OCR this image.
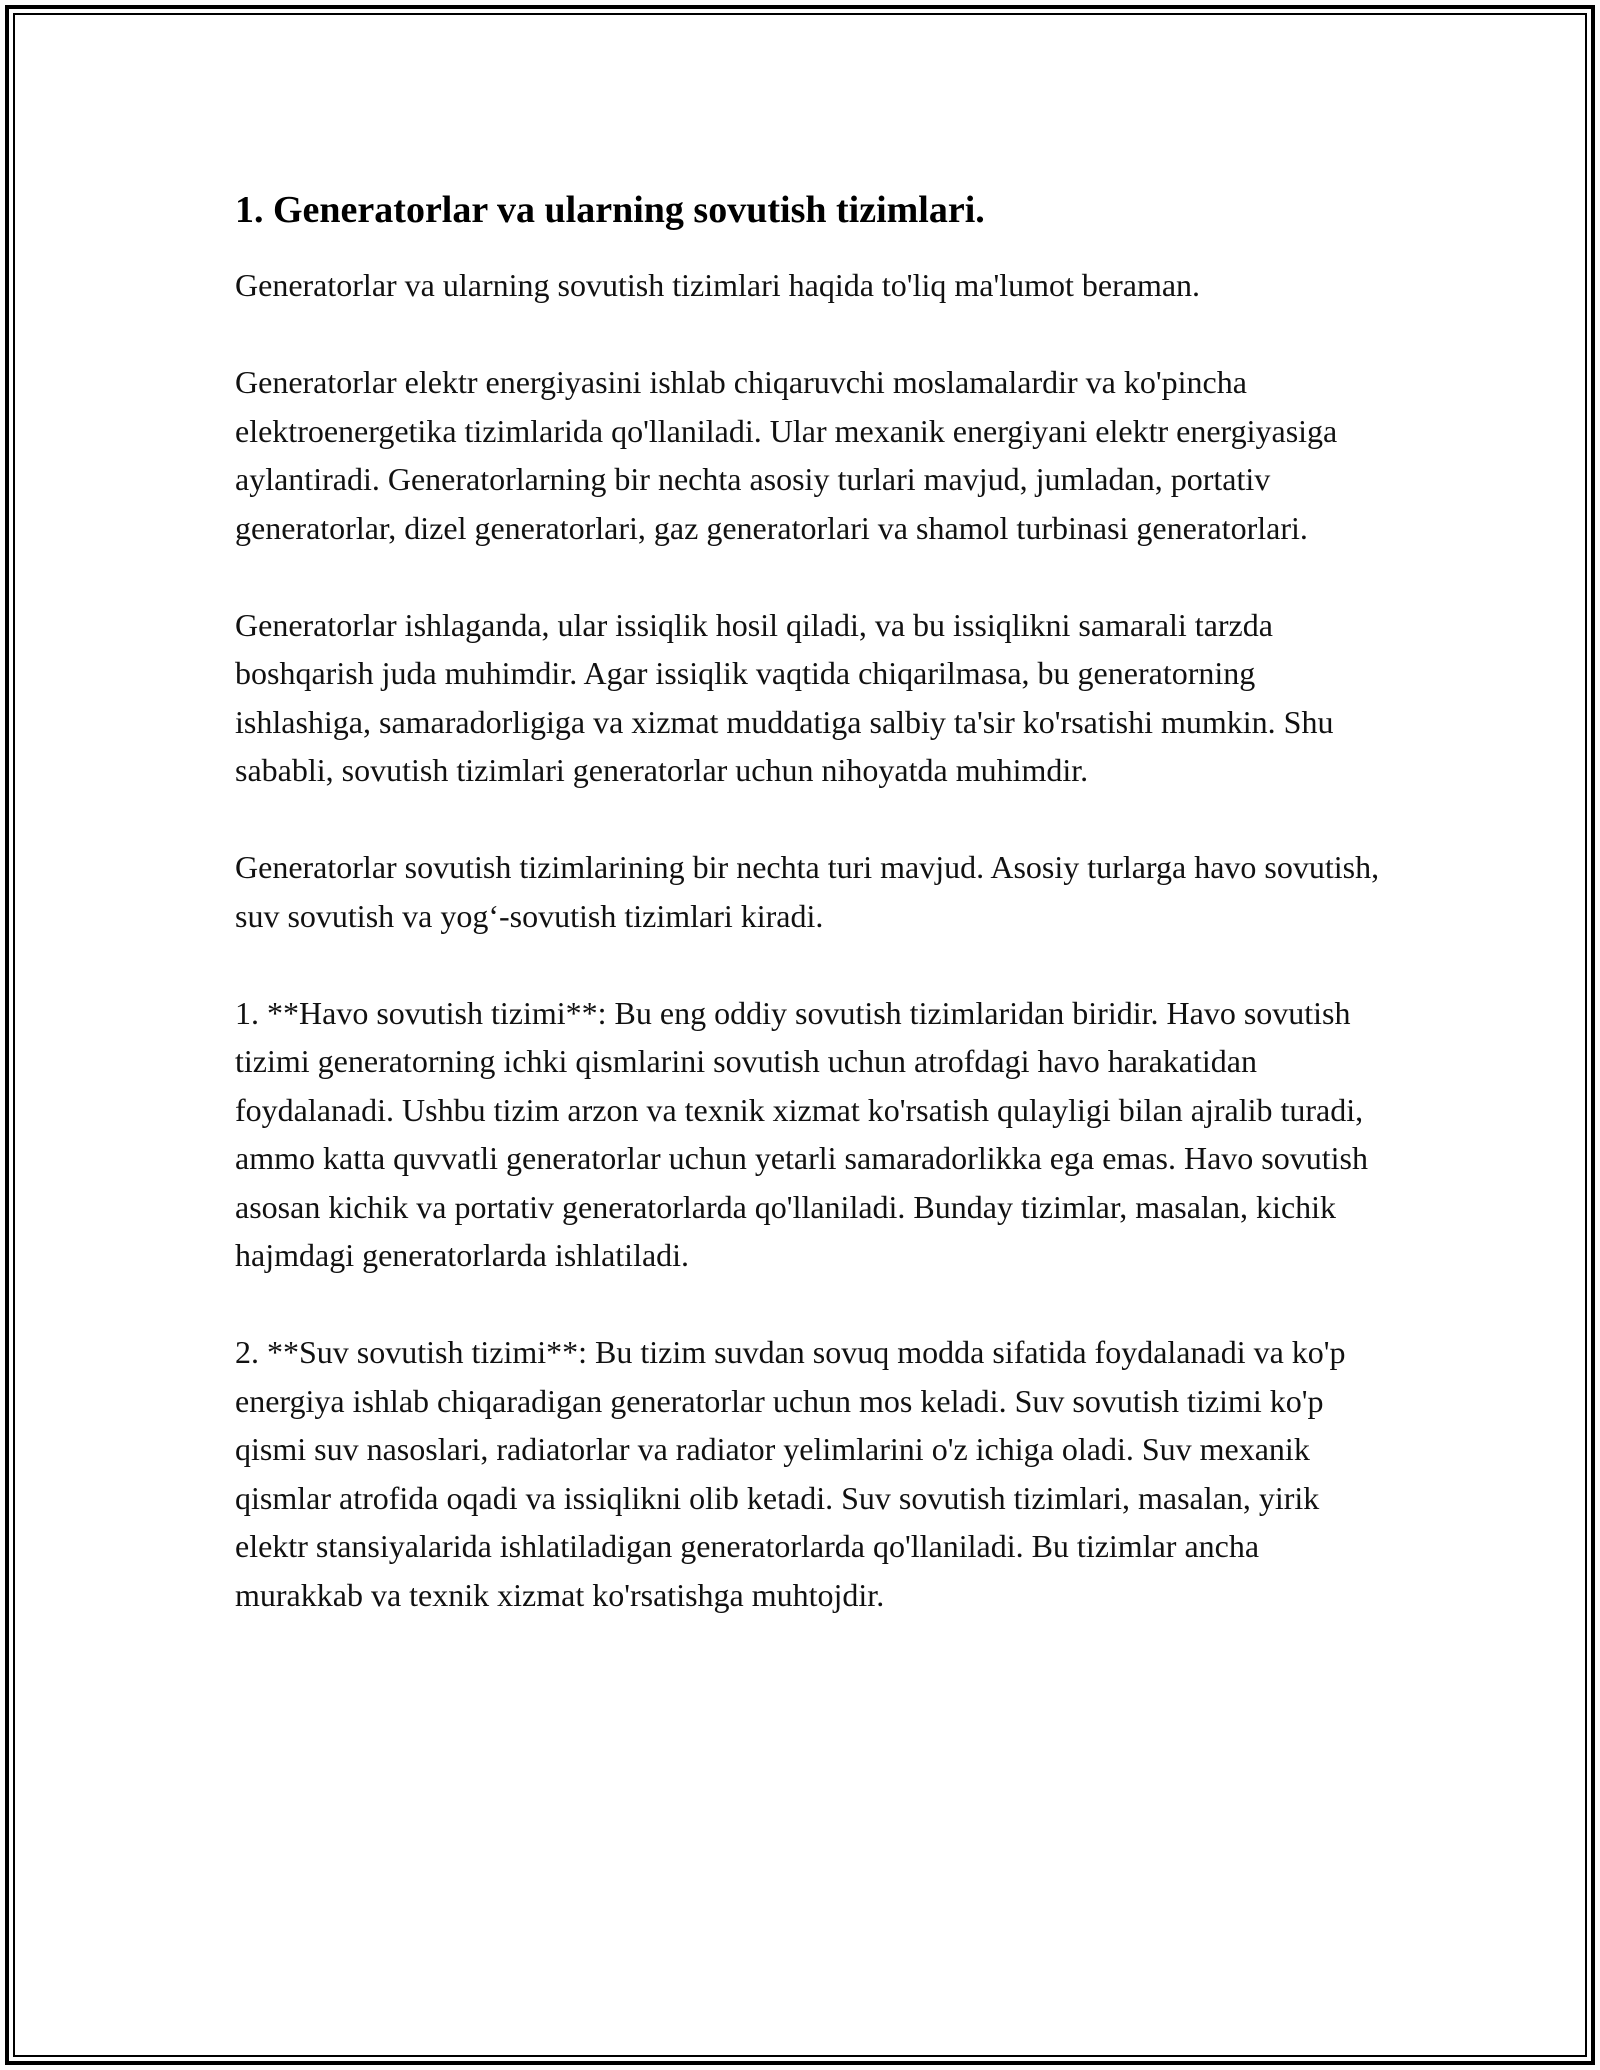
1. Generatorlar va ularning sovutish tizimlari.

Generatorlar va ularning sovutish tizimlari haqida to'liq ma'lumot beraman.

Generatorlar elektr energiyasini ishlab chiqaruvchi moslamalardir va ko'pincha elektroenergetika tizimlarida qo'llaniladi. Ular mexanik energiyani elektr energiyasiga aylantiradi. Generatorlarning bir nechta asosiy turlari mavjud, jumladan, portativ generatorlar, dizel generatorlari, gaz generatorlari va shamol turbinasi generatorlari.

Generatorlar ishlaganda, ular issiqlik hosil qiladi, va bu issiqlikni samarali tarzda boshqarish juda muhimdir. Agar issiqlik vaqtida chiqarilmasa, bu generatorning ishlashiga, samaradorligiga va xizmat muddatiga salbiy ta'sir ko'rsatishi mumkin. Shu sababli, sovutish tizimlari generatorlar uchun nihoyatda muhimdir.

Generatorlar sovutish tizimlarining bir nechta turi mavjud. Asosiy turlarga havo sovutish, suv sovutish va yog‘-sovutish tizimlari kiradi.

1. **Havo sovutish tizimi**: Bu eng oddiy sovutish tizimlaridan biridir. Havo sovutish tizimi generatorning ichki qismlarini sovutish uchun atrofdagi havo harakatidan foydalanadi. Ushbu tizim arzon va texnik xizmat ko'rsatish qulayligi bilan ajralib turadi, ammo katta quvvatli generatorlar uchun yetarli samaradorlikka ega emas. Havo sovutish asosan kichik va portativ generatorlarda qo'llaniladi. Bunday tizimlar, masalan, kichik hajmdagi generatorlarda ishlatiladi.

2. **Suv sovutish tizimi**: Bu tizim suvdan sovuq modda sifatida foydalanadi va ko'p energiya ishlab chiqaradigan generatorlar uchun mos keladi. Suv sovutish tizimi ko'p qismi suv nasoslari, radiatorlar va radiator yelimlarini o'z ichiga oladi. Suv mexanik qismlar atrofida oqadi va issiqlikni olib ketadi. Suv sovutish tizimlari, masalan, yirik elektr stansiyalarida ishlatiladigan generatorlarda qo'llaniladi. Bu tizimlar ancha murakkab va texnik xizmat ko'rsatishga muhtojdir.
